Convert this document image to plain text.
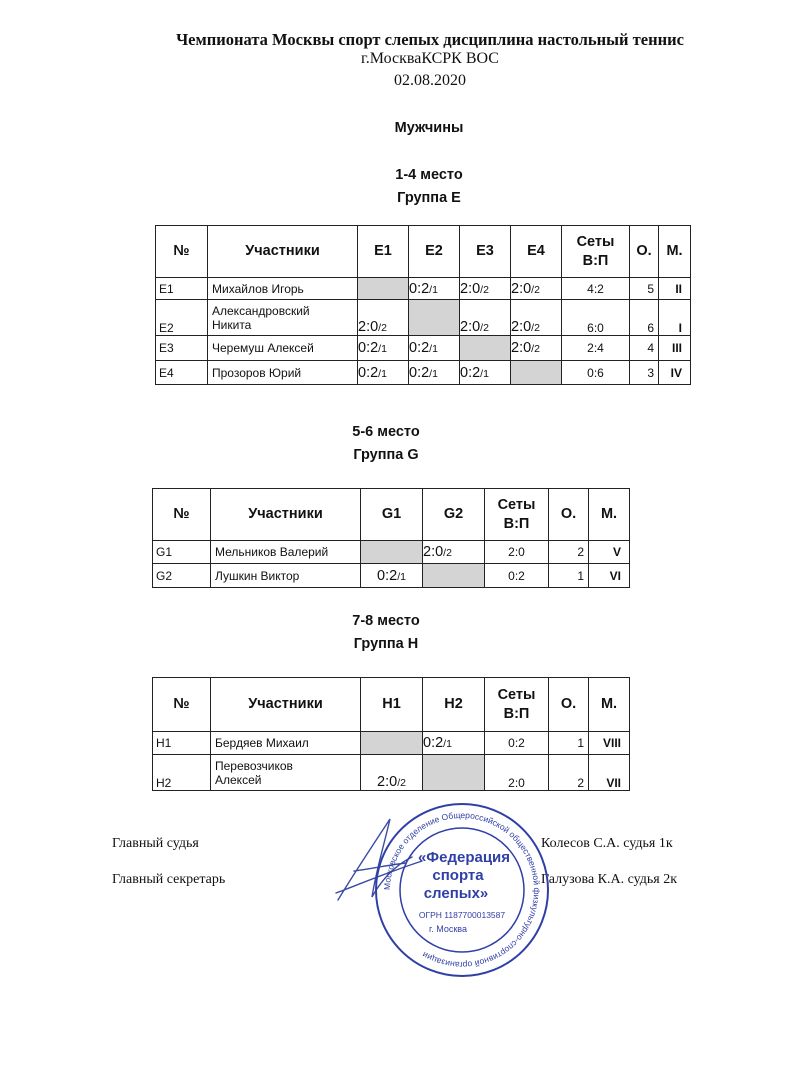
Чемпионата Москвы спорт слепых дисциплина настольный теннис
г.МоскваКСРК ВОС
02.08.2020
Мужчины
1-4 место
Группа E
№	Участники	E1	E2	E3	E4	Сеты
В:П	О.	М.
E1	Михайлов Игорь		0:2/1	2:0/2	2:0/2	4:2	5	II
E2	Александровский
Никита	2:0/2		2:0/2	2:0/2	6:0	6	I
E3	Черемуш Алексей	0:2/1	0:2/1		2:0/2	2:4	4	III
E4	Прозоров Юрий	0:2/1	0:2/1	0:2/1		0:6	3	IV
5-6 место
Группа G
№	Участники	G1	G2	Сеты
В:П	О.	М.
G1	Мельников Валерий		2:0/2	2:0	2	V
G2	Лушкин Виктор	0:2/1		0:2	1	VI
7-8 место
Группа H
№	Участники	H1	H2	Сеты
В:П	О.	М.
H1	Бердяев Михаил		0:2/1	0:2	1	VIII
H2	Перевозчиков
Алексей	2:0/2		2:0	2	VII
Главный судья	Колесов С.А. судья 1к
Главный секретарь	Галузова К.А. судья 2к
Московское отделение Общероссийской общественной физкультурно-спортивной организации
«Федерация
спорта
слепых»
ОГРН 1187700013587
г. Москва
